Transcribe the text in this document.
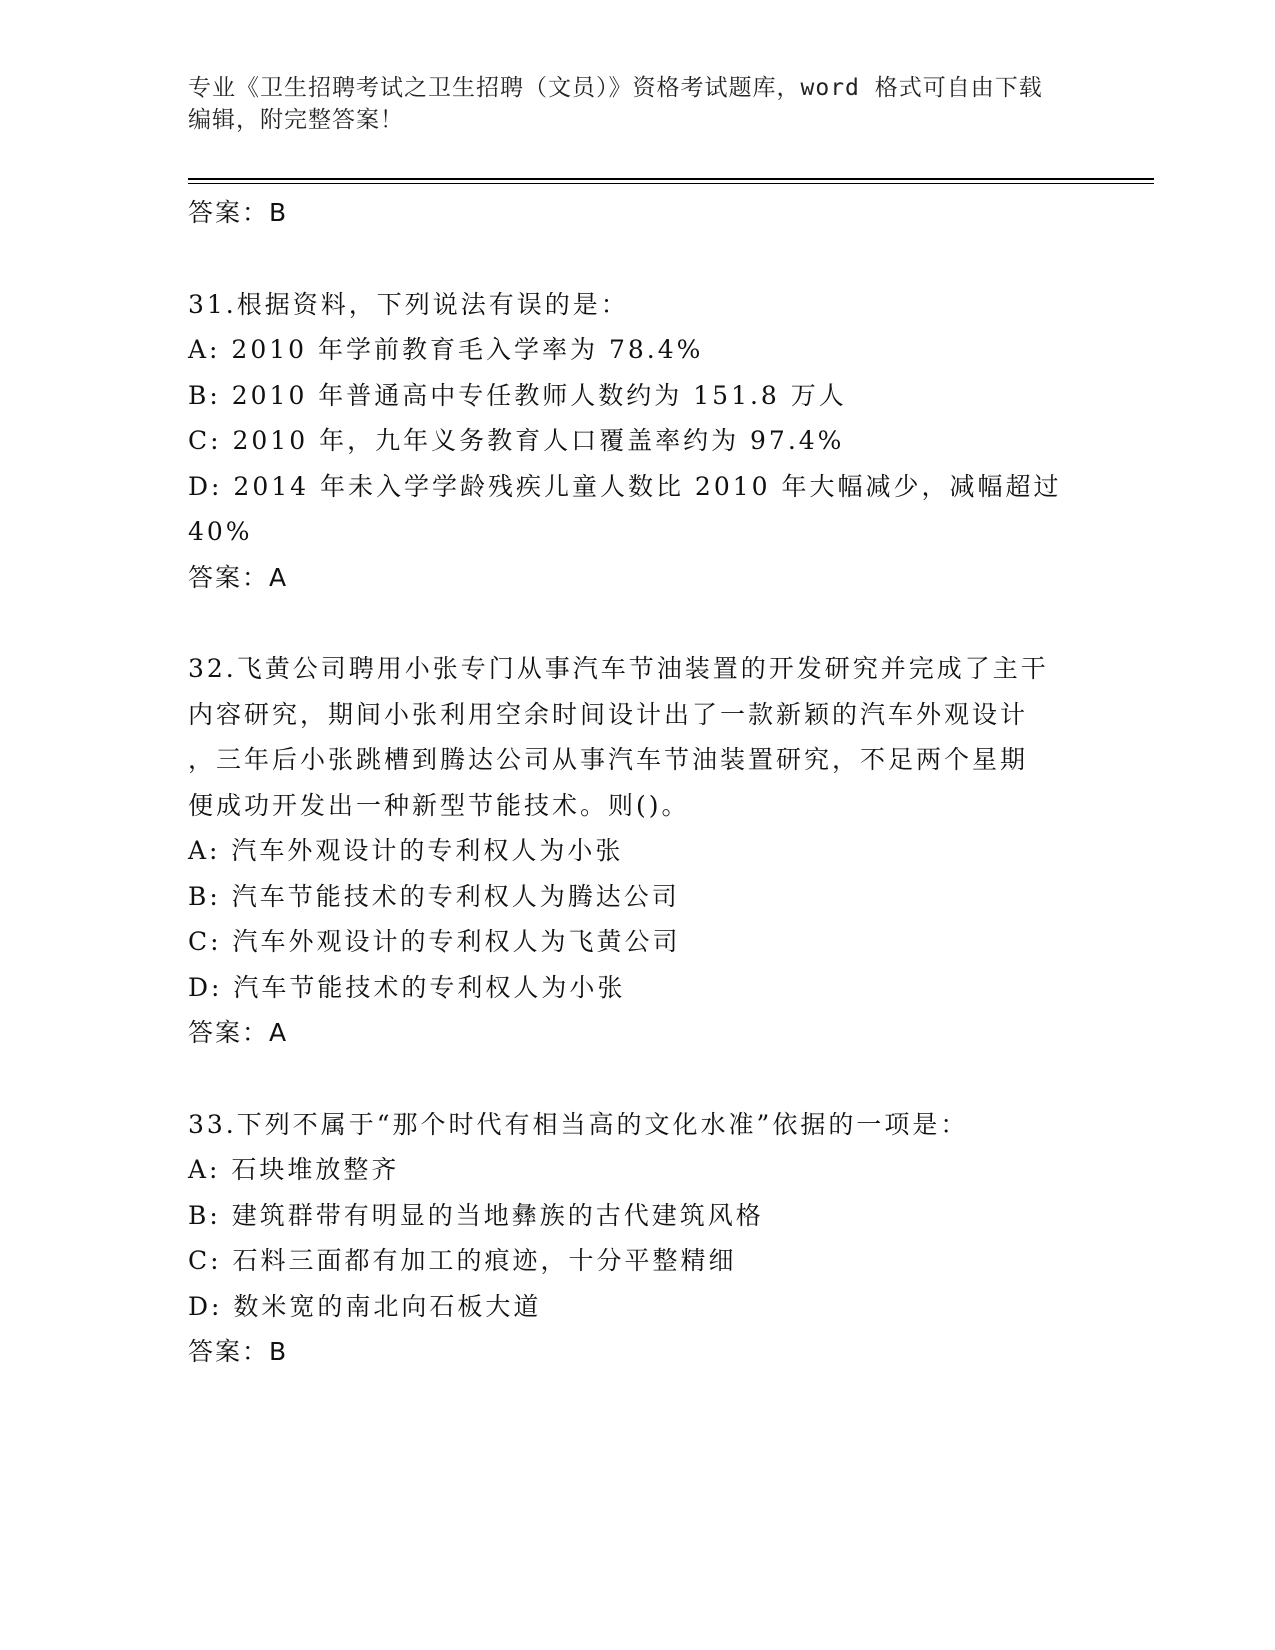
专业《卫生招聘考试之卫生招聘（文员）》资格考试题库，word 格式可自由下载

编辑，附完整答案！

答案：B

31.根据资料，下列说法有误的是：

A: 2010 年学前教育毛入学率为 78.4%

B: 2010 年普通高中专任教师人数约为 151.8 万人

C: 2010 年，九年义务教育人口覆盖率约为 97.4%

D: 2014 年未入学学龄残疾儿童人数比 2010 年大幅减少，减幅超过

40%

答案：A

32.飞黄公司聘用小张专门从事汽车节油装置的开发研究并完成了主干

内容研究，期间小张利用空余时间设计出了一款新颖的汽车外观设计

，三年后小张跳槽到腾达公司从事汽车节油装置研究，不足两个星期

便成功开发出一种新型节能技术。则()。

A: 汽车外观设计的专利权人为小张

B: 汽车节能技术的专利权人为腾达公司

C: 汽车外观设计的专利权人为飞黄公司

D: 汽车节能技术的专利权人为小张

答案：A

33.下列不属于“那个时代有相当高的文化水准”依据的一项是：

A: 石块堆放整齐

B: 建筑群带有明显的当地彝族的古代建筑风格

C: 石料三面都有加工的痕迹，十分平整精细

D: 数米宽的南北向石板大道

答案：B
